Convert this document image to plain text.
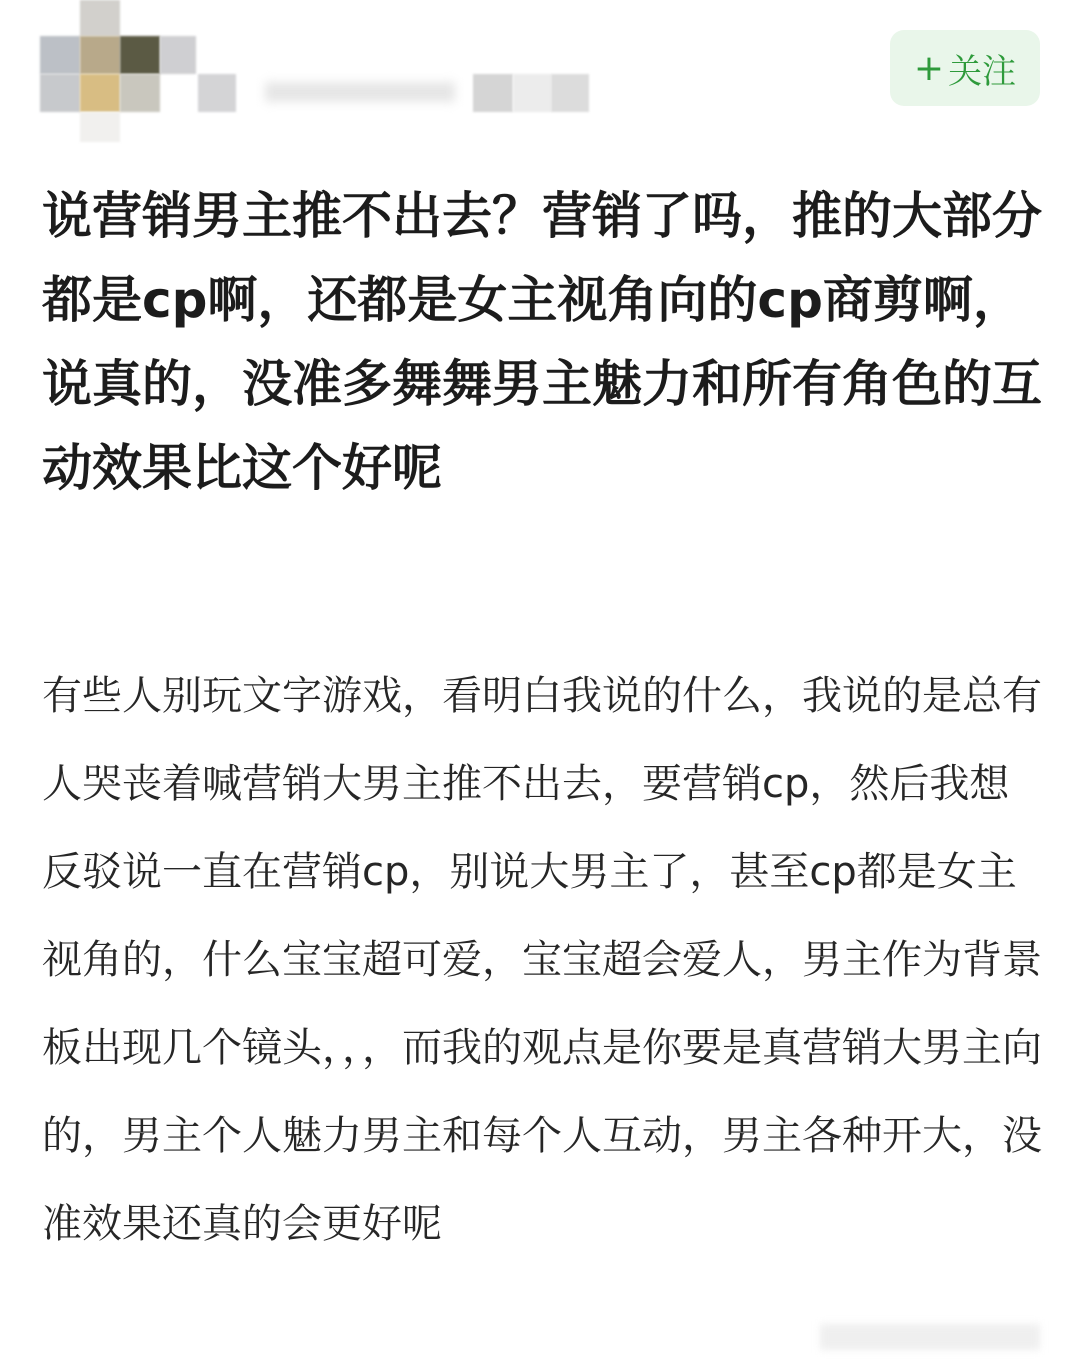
+ 关注
说营销男主推不出去？营销了吗，推的大部分都是cp啊，还都是女主视角向的cp商剪啊，说真的，没准多舞舞男主魅力和所有角色的互动效果比这个好呢

有些人别玩文字游戏，看明白我说的什么，我说的是总有人哭丧着喊营销大男主推不出去，要营销cp，然后我想反驳说一直在营销cp，别说大男主了，甚至cp都是女主视角的，什么宝宝超可爱，宝宝超会爱人，男主作为背景板出现几个镜头，，，而我的观点是你要是真营销大男主向的，男主个人魅力男主和每个人互动，男主各种开大，没准效果还真的会更好呢
